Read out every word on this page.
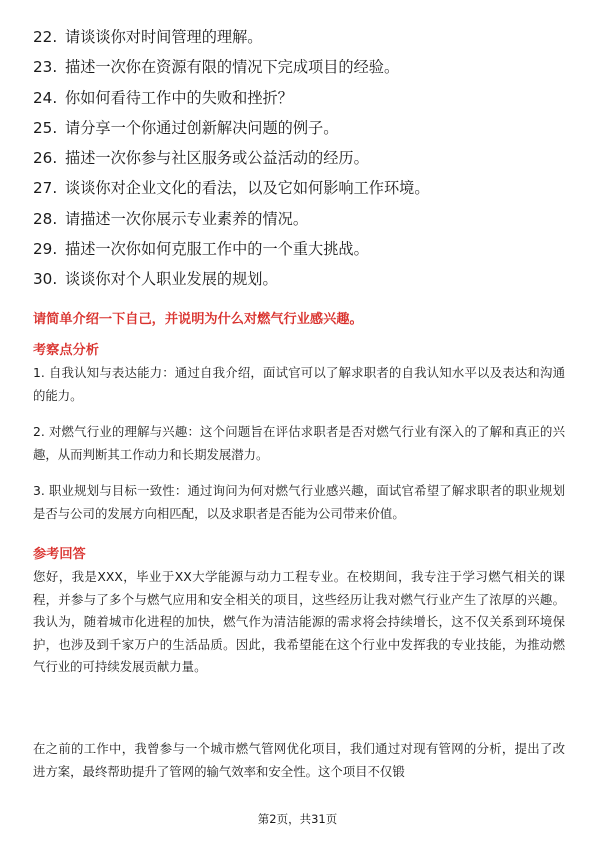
22. 请谈谈你对时间管理的理解。
23. 描述一次你在资源有限的情况下完成项目的经验。
24. 你如何看待工作中的失败和挫折？
25. 请分享一个你通过创新解决问题的例子。
26. 描述一次你参与社区服务或公益活动的经历。
27. 谈谈你对企业文化的看法，以及它如何影响工作环境。
28. 请描述一次你展示专业素养的情况。
29. 描述一次你如何克服工作中的一个重大挑战。
30. 谈谈你对个人职业发展的规划。
请简单介绍一下自己，并说明为什么对燃气行业感兴趣。
考察点分析
1. 自我认知与表达能力：通过自我介绍，面试官可以了解求职者的自我认知水平以及表达和沟通的能力。
2. 对燃气行业的理解与兴趣：这个问题旨在评估求职者是否对燃气行业有深入的了解和真正的兴趣，从而判断其工作动力和长期发展潜力。
3. 职业规划与目标一致性：通过询问为何对燃气行业感兴趣，面试官希望了解求职者的职业规划是否与公司的发展方向相匹配，以及求职者是否能为公司带来价值。
参考回答
您好，我是XXX，毕业于XX大学能源与动力工程专业。在校期间，我专注于学习燃气相关的课程，并参与了多个与燃气应用和安全相关的项目，这些经历让我对燃气行业产生了浓厚的兴趣。我认为，随着城市化进程的加快，燃气作为清洁能源的需求将会持续增长，这不仅关系到环境保护，也涉及到千家万户的生活品质。因此，我希望能在这个行业中发挥我的专业技能，为推动燃气行业的可持续发展贡献力量。
在之前的工作中，我曾参与一个城市燃气管网优化项目，我们通过对现有管网的分析，提出了改进方案，最终帮助提升了管网的输气效率和安全性。这个项目不仅锻
第2页，共31页
